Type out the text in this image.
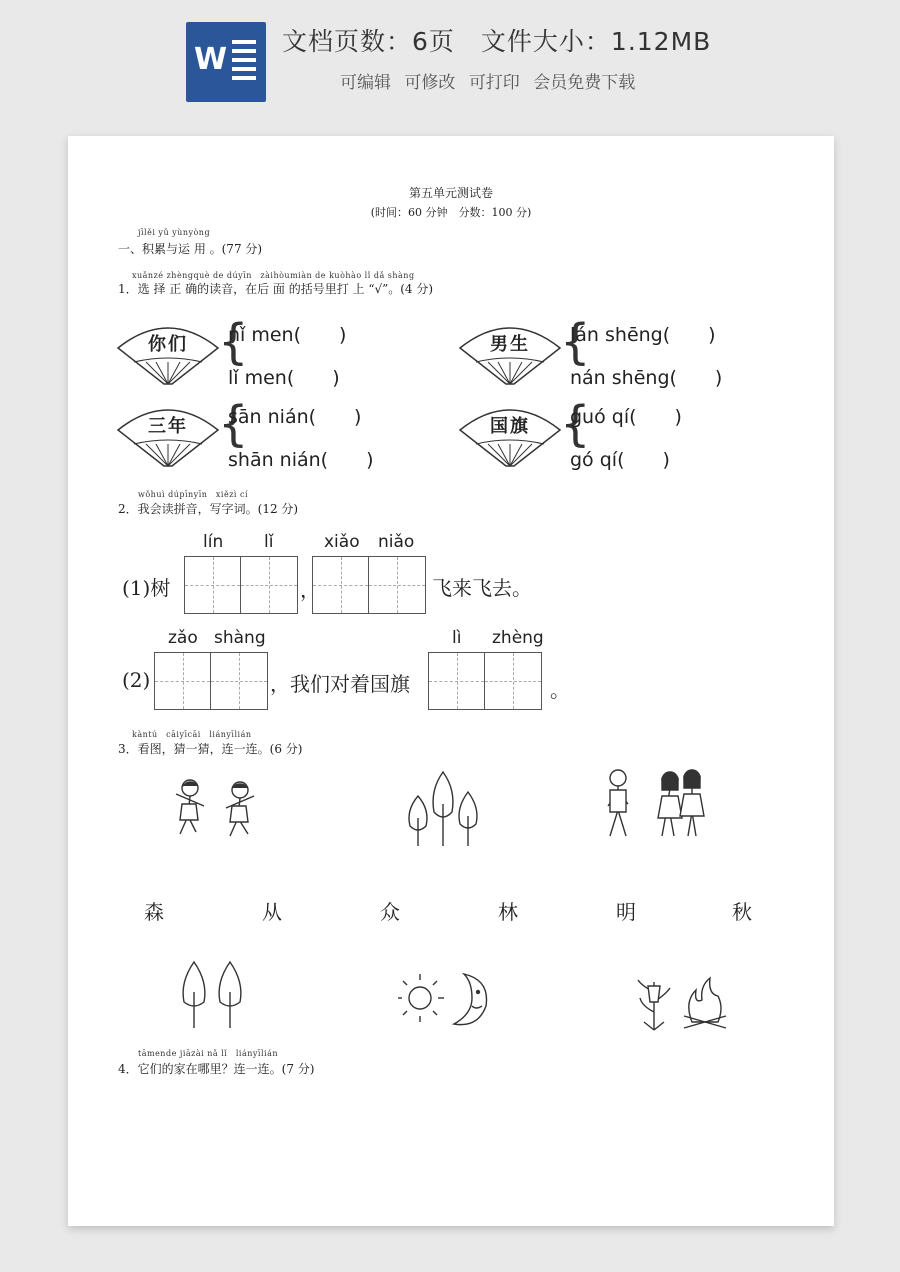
W
文档页数：6页 文件大小：1.12MB
可编辑 可修改 可打印 会员免费下载
第五单元测试卷
(时间：60 分钟　分数：100 分)
jīlěi yǔ yùnyòng
一、积累与运 用 。(77 分)
xuǎnzé zhèngquè de dúyīn　zàihòumiàn de kuòhào lǐ dǎ shàng
1．选 择 正 确的读音，在后 面 的括号里打 上 “√”。(4 分)
你们 {
nǐ men(　　)
lǐ men(　　)
男生 {
lán shēng(　　)
nán shēng(　　)
三年 {
sān nián(　　)
shān nián(　　)
国旗 {
guó qí(　　)
gó qí(　　)
wǒhuì dúpīnyīn　xiězì cí
2．我会读拼音，写字词。(12 分)
lín lǐ	xiǎo niǎo
(1)树	，	飞来飞去。
zǎo shàng	lì zhèng
(2)	，我们对着国旗	。
kàntú　cāiyīcāi　liányīlián
3．看图，猜一猜，连一连。(6 分)
森	从	众	林	明	秋
tāmende jiāzài nǎ lǐ　liányīlián
4．它们的家在哪里？连一连。(7 分)
